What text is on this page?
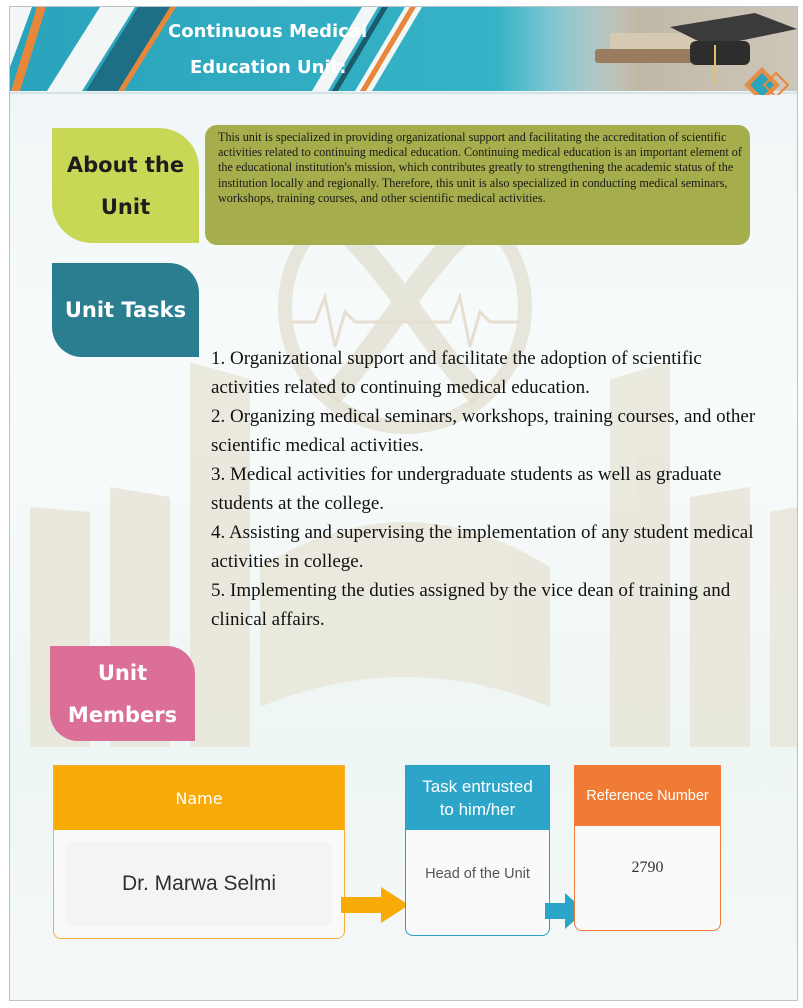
Continuous Medical
Education Unit:
About the
Unit
This unit is specialized in providing organizational support and facilitating the accreditation of scientific activities related to continuing medical education. Continuing medical education is an important element of the educational institution's mission, which contributes greatly to strengthening the academic status of the institution locally and regionally. Therefore, this unit is also specialized in conducting medical seminars, workshops, training courses, and other scientific medical activities.
Unit Tasks
1. Organizational support and facilitate the adoption of scientific activities related to continuing medical education.
2. Organizing medical seminars, workshops, training courses, and other scientific medical activities.
3. Medical activities for undergraduate students as well as graduate students at the college.
4. Assisting and supervising the implementation of any student medical activities in college.
5. Implementing the duties assigned by the vice dean of training and clinical affairs.
Unit
Members
Name
Dr. Marwa Selmi
Task entrusted
to him/her
Head of the Unit
Reference Number
2790
